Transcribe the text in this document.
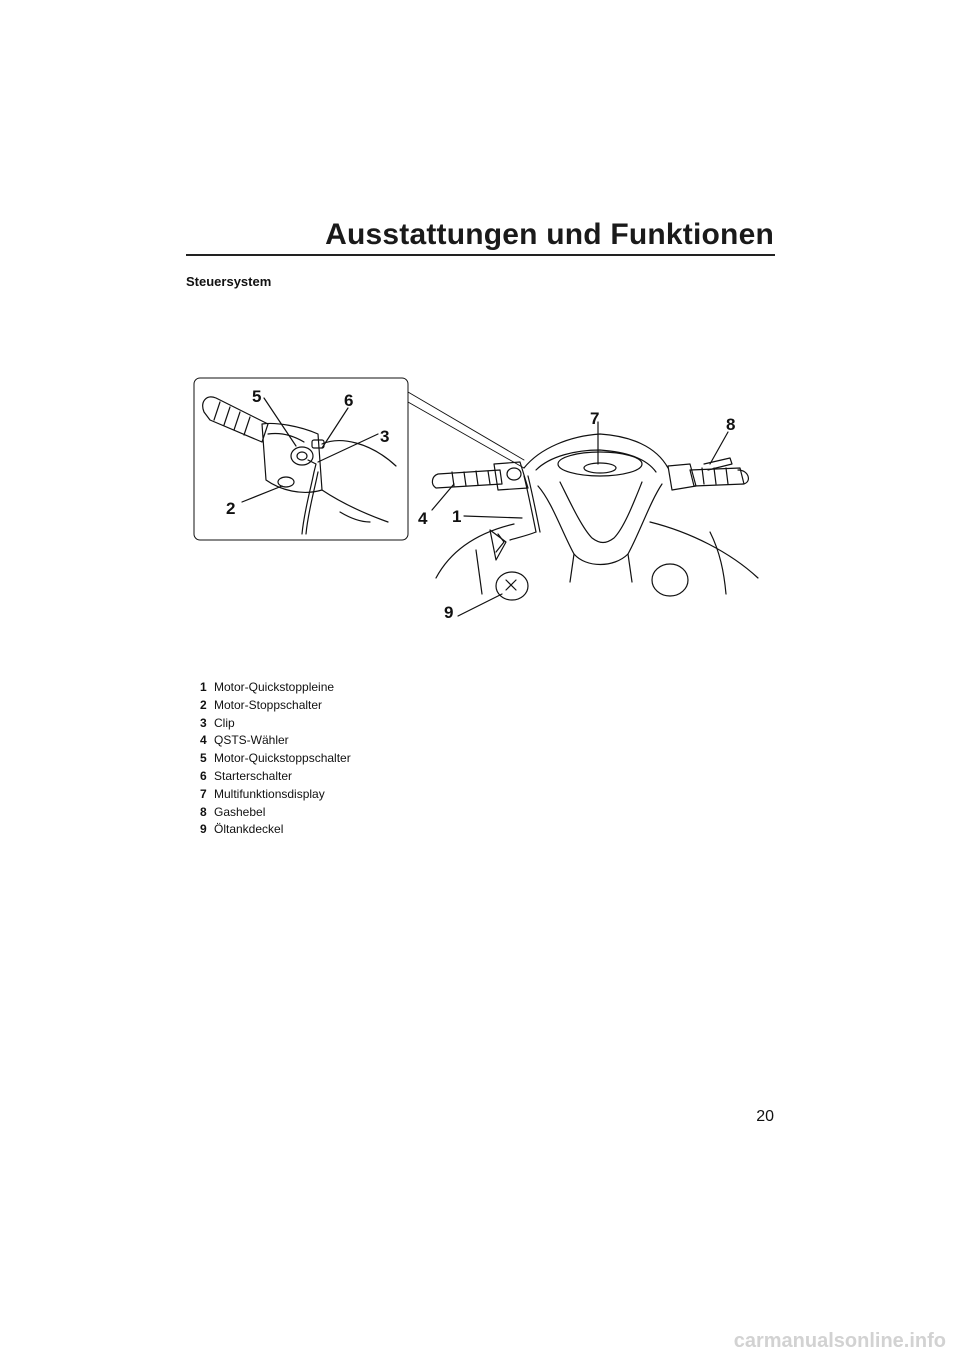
Ausstattungen und Funktionen
Steuersystem
5	6
3
2
7	8
4 1
9
1 Motor-Quickstoppleine
2 Motor-Stoppschalter
3 Clip
4 QSTS-Wähler
5 Motor-Quickstoppschalter
6 Starterschalter
7 Multifunktionsdisplay
8 Gashebel
9 Öltankdeckel
20
carmanualsonline.info
